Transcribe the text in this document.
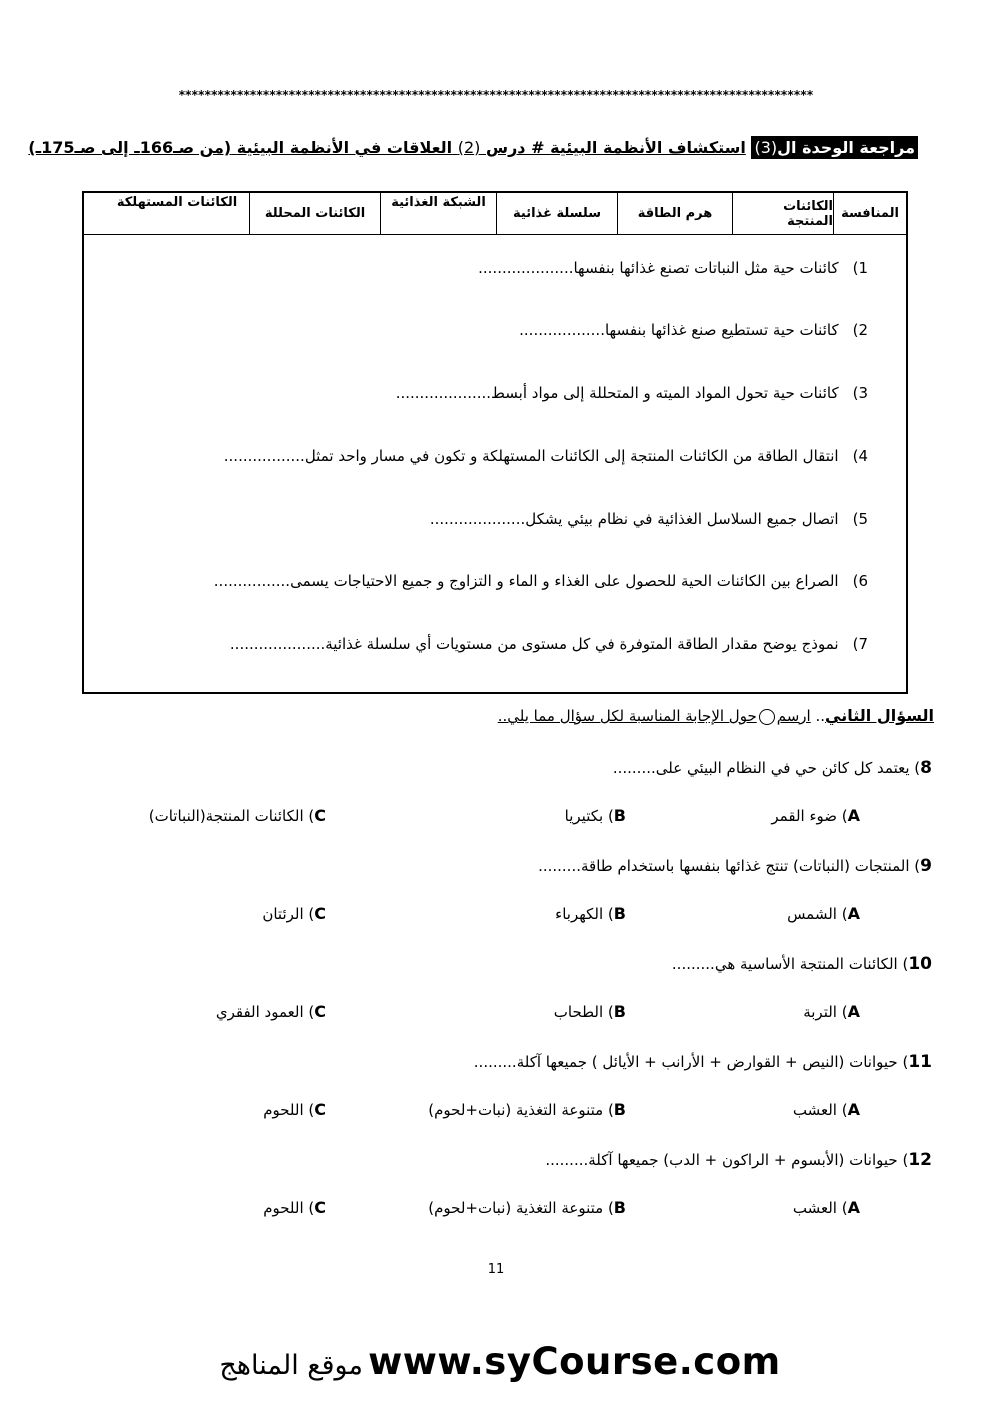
**************************************************************************************************
مراجعة الوحدة ال(3) استكشاف الأنظمة البيئية # درس (2) العلاقات في الأنظمة البيئية (من صـ166ـ إلى صـ175ـ)
المنافسة
الكائنات المنتجة
هرم الطاقة
سلسلة غذائية
الشبكة الغذائية
الكائنات المحللة
الكائنات المستهلكة
1)كائنات حية مثل النباتات تصنع غذائها بنفسها....................
2)كائنات حية تستطيع صنع غذائها بنفسها..................
3)كائنات حية تحول المواد الميته و المتحللة إلى مواد أبسط....................
4)انتقال الطاقة من الكائنات المنتجة إلى الكائنات المستهلكة و تكون في مسار واحد تمثل.................
5)اتصال جميع السلاسل الغذائية في نظام بيئي يشكل....................
6)الصراع بين الكائنات الحية للحصول على الغذاء و الماء و التزاوج و جميع الاحتياجات يسمى................
7)نموذج يوضح مقدار الطاقة المتوفرة في كل مستوى من مستويات أي سلسلة غذائية....................
السؤال الثاني.. ارسمحول الإجابة المناسبة لكل سؤال مما يلي..
8) يعتمد كل كائن حي في النظام البيئي على.........
A) ضوء القمر
B) بكتيريا
C) الكائنات المنتجة(النباتات)
9) المنتجات (النباتات) تنتج غذائها بنفسها باستخدام طاقة.........
A) الشمس
B) الكهرباء
C) الرئتان
10) الكائنات المنتجة الأساسية هي.........
A) التربة
B) الطحاب
C) العمود الفقري
11) حيوانات (النيص + القوارض + الأرانب + الأيائل ) جميعها آكلة.........
A) العشب
B) متنوعة التغذية (نبات+لحوم)
C) اللحوم
12) حيوانات (الأبسوم + الراكون + الدب) جميعها آكلة.........
A) العشب
B) متنوعة التغذية (نبات+لحوم)
C) اللحوم
11
موقع المناهج www.syCourse.com
